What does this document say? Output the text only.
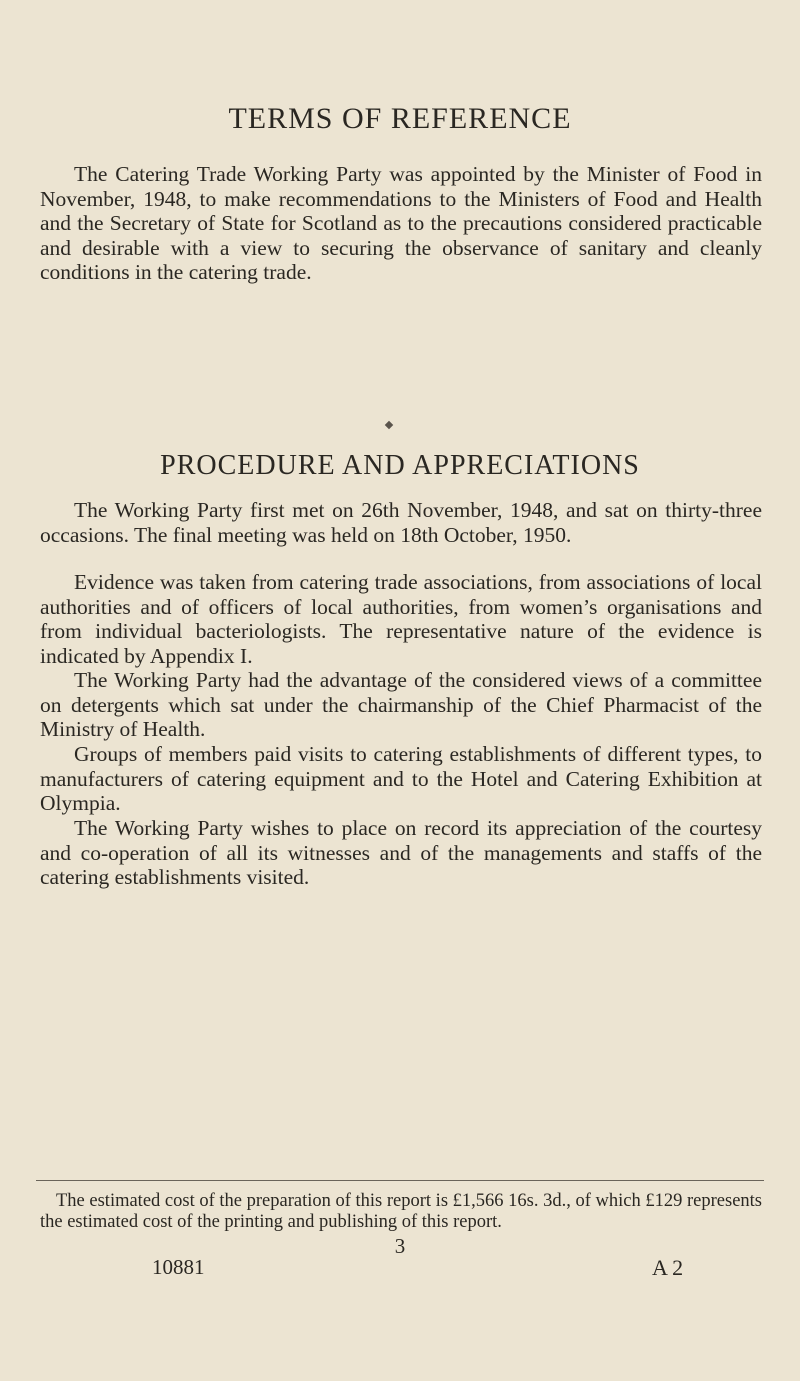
TERMS OF REFERENCE

The Catering Trade Working Party was appointed by the Minister of Food in November, 1948, to make recommendations to the Ministers of Food and Health and the Secretary of State for Scotland as to the precautions considered practicable and desirable with a view to securing the observance of sanitary and cleanly conditions in the catering trade.

PROCEDURE AND APPRECIATIONS

The Working Party first met on 26th November, 1948, and sat on thirty-three occasions. The final meeting was held on 18th October, 1950.

Evidence was taken from catering trade associations, from associations of local authorities and of officers of local authorities, from women’s organisations and from individual bacteriologists. The representative nature of the evidence is indicated by Appendix I.

The Working Party had the advantage of the considered views of a committee on detergents which sat under the chairmanship of the Chief Pharmacist of the Ministry of Health.

Groups of members paid visits to catering establishments of different types, to manufacturers of catering equipment and to the Hotel and Catering Exhibition at Olympia.

The Working Party wishes to place on record its appreciation of the courtesy and co-operation of all its witnesses and of the managements and staffs of the catering establishments visited.

The estimated cost of the preparation of this report is £1,566 16s. 3d., of which £129 represents the estimated cost of the printing and publishing of this report.

3
10881	A 2
